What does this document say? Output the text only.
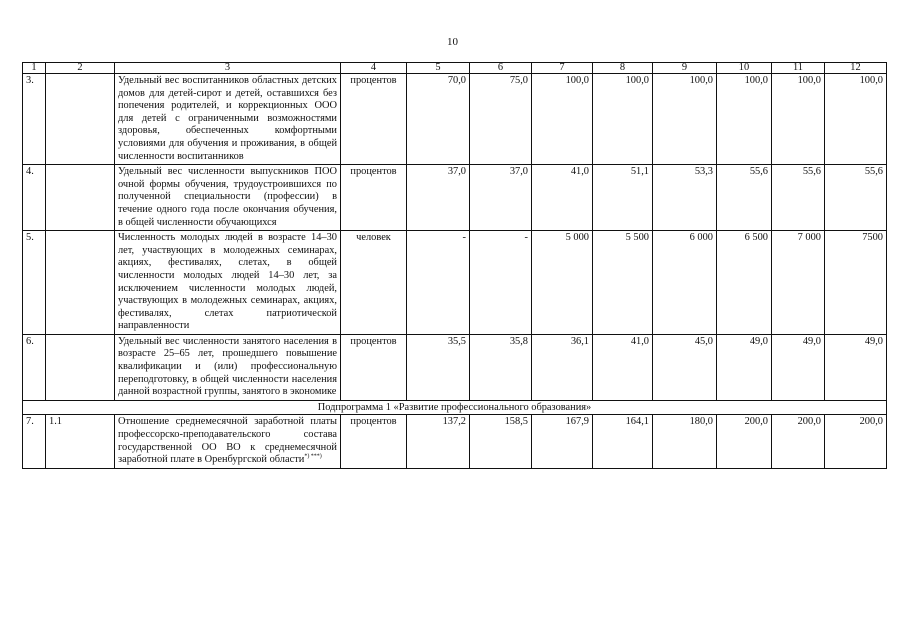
10
1	2	3	4	5	6	7	8	9	10	11	12
3.		Удельный вес воспитанников областных детских домов для детей-сирот и детей, оставшихся без попечения родителей, и коррекционных ООО для детей с ограниченными возможностями здоровья, обеспеченных комфортными условиями для обучения и проживания, в общей численности воспитанников	процентов	70,0	75,0	100,0	100,0	100,0	100,0	100,0	100,0
4.		Удельный вес численности выпускников ПОО очной формы обучения, трудоустроившихся по полученной специальности (профессии) в течение одного года после окончания обучения, в общей численности обучающихся	процентов	37,0	37,0	41,0	51,1	53,3	55,6	55,6	55,6
5.		Численность молодых людей в возрасте 14–30 лет, участвующих в молодежных семинарах, акциях, фестивалях, слетах, в общей численности молодых людей 14–30 лет, за исключением численности молодых людей, участвующих в молодежных семинарах, акциях, фестивалях, слетах патриотической направленности	человек	-	-	5 000	5 500	6 000	6 500	7 000	7500
6.		Удельный вес численности занятого населения в возрасте 25–65 лет, прошедшего повышение квалификации и (или) профессиональную переподготовку, в общей численности населения данной возрастной группы, занятого в экономике	процентов	35,5	35,8	36,1	41,0	45,0	49,0	49,0	49,0
Подпрограмма 1 «Развитие профессионального образования»											
7.	1.1	Отношение среднемесячной заработной платы профессорско-преподавательского состава государственной ОО ВО к среднемесячной заработной плате в Оренбургской области*) ***)	процентов	137,2	158,5	167,9	164,1	180,0	200,0	200,0	200,0
